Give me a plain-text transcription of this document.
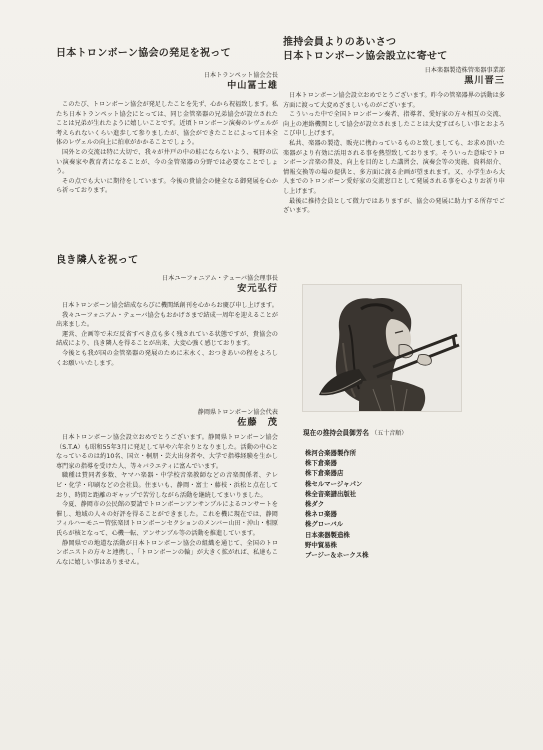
日本トロンボーン協会の発足を祝って
日本トランペット協会会長
中山冨士雄

このたび、トロンボーン協会が発足したことを先ず、心から祝福致します。私たち日本トランペット協会にとっては、同じ金管楽器の兄弟協会が設立されたことは兄弟が生れたように嬉しいことです。近頃トロンボーン演奏のレヴェルが考えられないくらい進歩して参りましたが、協会ができたことによって日本全体のレヴェルの向上に拍車がかかることでしょう。

国外との交流は特に大切で、我々が井戸の中の蛙にならないよう、視野の広い演奏家や教育者になることが、今の金管楽器の分野では必要なことでしょう。

その点でも大いに期待をしています。今後の貴協会の健全なる御発展を心から祈っております。

良き隣人を祝って
日本ユーフォニアム・テューバ協会理事長
安元弘行

日本トロンボーン協会結成ならびに機関紙創刊を心からお慶び申し上げます。

我々ユーフォニアム・テューバ協会もおかげさまで結成一周年を迎えることが出来ました。

運営、企画等で未だ反省すべき点も多く残されている状態ですが、貴協会の結成により、良き隣人を得ることが出来、大変心強く感じております。

今後とも我が国の金管楽器の発展のために末永く、おつきあいの程をよろしくお願いいたします。

静岡県トロンボーン協会代表
佐藤　茂

日本トロンボーン協会設立おめでとうございます。静岡県トロンボーン協会（S.T.A）も昭和55年3月に発足して早や六年余りとなりました。活動の中心となっているのは約10名、国立・桐朋・芸大出身者や、大学で指導経験を生かし専門家の指導を受けた人、等々バラエティに富んでいます。

職種は賛同者多数、ヤマハ楽器・中学校音楽教師などの音楽関係者、テレビ・化学・印刷などの会社員。住まいも、静岡・富士・藤枝・浜松と点在しており、時間と距離のギャップで苦労しながら活動を継続してまいりました。

今夏、静岡市の公民館の要請でトロンボーンアンサンブルによるコンサートを催し、地域の人々の好評を得ることができました。これを機に現在では、静岡フィルハーモニー管弦楽団トロンボーンセクションのメンバー山田・沖山・相原氏らが核となって、心機一転、アンサンブル等の活動を推進しています。

静岡県での地道な活動が日本トロンボーン協会の組織を通じて、全国のトロンボニストの方々と連携し、「トロンボーンの輪」が大きく拡がれば、私達もこんなに嬉しい事はありません。

推持会員よりのあいさつ
日本トロンボーン協会設立に寄せて
日本楽器製造株管楽器事業部
黒川晋三

日本トロンボーン協会設立おめでとうございます。昨今の管楽器界の活動は多方面に渡って大変めざましいものがございます。

こういった中で全国トロンボーン奏者、指導者、愛好家の方々相互の交流、向上の連絡機関として協会が設立されましたことは大変すばらしい事とおよろこび申し上げます。

私共、楽器の製造、販売に携わっているものと致しましても、お求め頂いた楽器がより有効に活用される事を熱望致しております。そういった意味でトロンボーン音楽の普及、向上を目的とした講習会、演奏会等の実施、資料紹介、情報交換等の場の提供と、多方面に渡る企画が望まれます。又、小学生から大人までのトロンボーン愛好家の交流窓口として発展される事を心よりお祈り申し上げます。

最後に推持会員として微力ではありますが、協会の発展に助力する所存でございます。

現在の推持会員御芳名 （五十音順）
株河合楽器製作所
株下倉楽器
株下倉楽器店
株セルマージャパン
株全音楽譜出版社
株ダク
株ネロ楽器
株グローバル
日本楽器製造株
野中貿易株
ブージー＆ホークス株
